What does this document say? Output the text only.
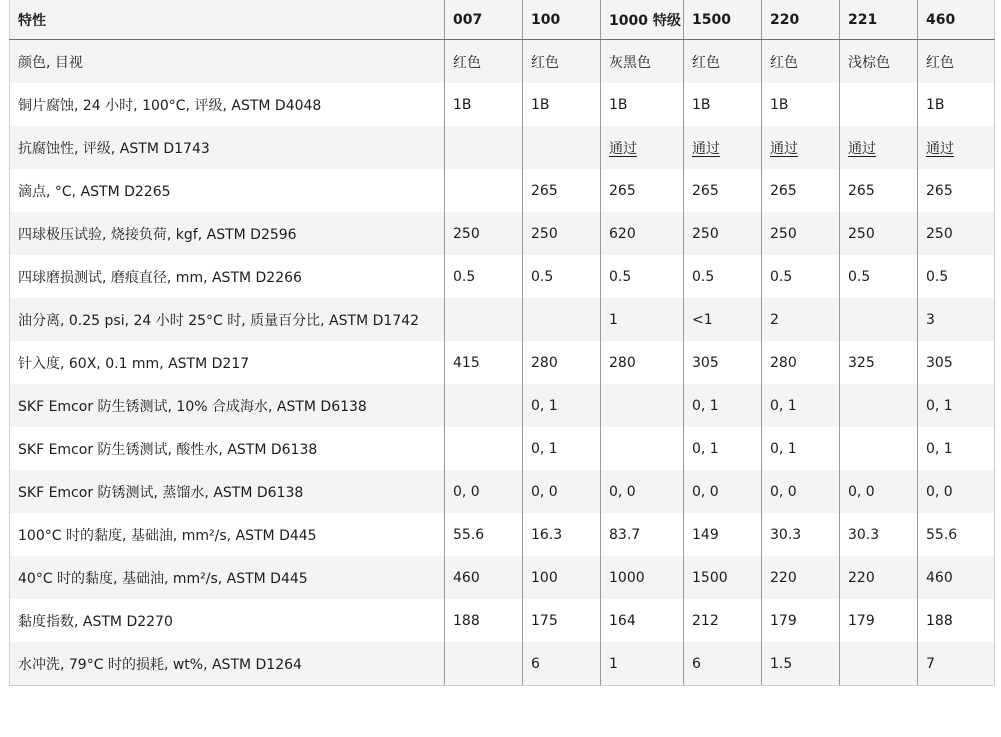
特性	007	100	1000 特级	1500	220	221	460
颜色, 目视	红色	红色	灰黑色	红色	红色	浅棕色	红色
铜片腐蚀, 24 小时, 100°C, 评级, ASTM D4048	1B	1B	1B	1B	1B		1B
抗腐蚀性, 评级, ASTM D1743			通过	通过	通过	通过	通过
滴点, °C, ASTM D2265		265	265	265	265	265	265
四球极压试验, 烧接负荷, kgf, ASTM D2596	250	250	620	250	250	250	250
四球磨损测试, 磨痕直径, mm, ASTM D2266	0.5	0.5	0.5	0.5	0.5	0.5	0.5
油分离, 0.25 psi, 24 小时 25°C 时, 质量百分比, ASTM D1742			1	<1	2		3
针入度, 60X, 0.1 mm, ASTM D217	415	280	280	305	280	325	305
SKF Emcor 防生锈测试, 10% 合成海水, ASTM D6138		0, 1		0, 1	0, 1		0, 1
SKF Emcor 防生锈测试, 酸性水, ASTM D6138		0, 1		0, 1	0, 1		0, 1
SKF Emcor 防锈测试, 蒸馏水, ASTM D6138	0, 0	0, 0	0, 0	0, 0	0, 0	0, 0	0, 0
100°C 时的黏度, 基础油, mm²/s, ASTM D445	55.6	16.3	83.7	149	30.3	30.3	55.6
40°C 时的黏度, 基础油, mm²/s, ASTM D445	460	100	1000	1500	220	220	460
黏度指数, ASTM D2270	188	175	164	212	179	179	188
水冲洗, 79°C 时的损耗, wt%, ASTM D1264		6	1	6	1.5		7
